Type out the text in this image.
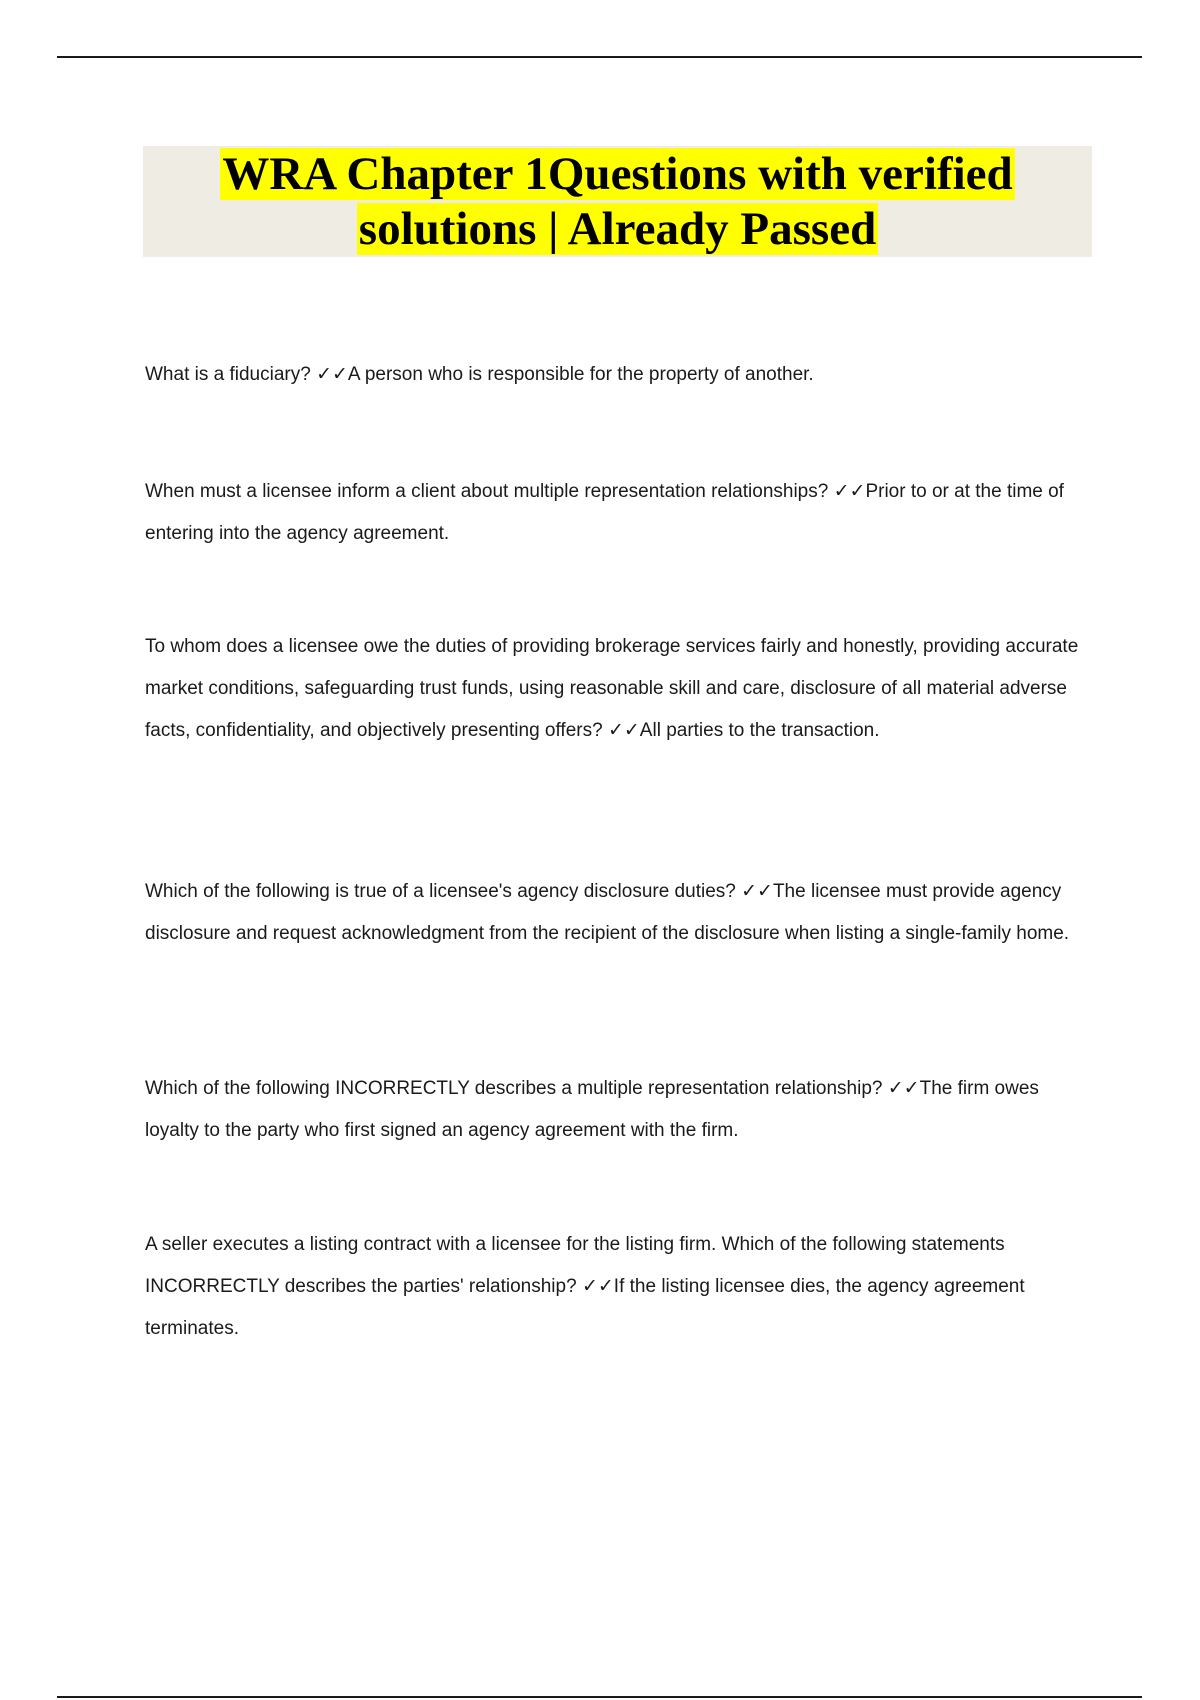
WRA Chapter 1Questions with verified solutions | Already Passed

What is a fiduciary? ✓✓A person who is responsible for the property of another.

When must a licensee inform a client about multiple representation relationships? ✓✓Prior to or at the time of entering into the agency agreement.

To whom does a licensee owe the duties of providing brokerage services fairly and honestly, providing accurate market conditions, safeguarding trust funds, using reasonable skill and care, disclosure of all material adverse facts, confidentiality, and objectively presenting offers? ✓✓All parties to the transaction.

Which of the following is true of a licensee's agency disclosure duties? ✓✓The licensee must provide agency disclosure and request acknowledgment from the recipient of the disclosure when listing a single-family home.

Which of the following INCORRECTLY describes a multiple representation relationship? ✓✓The firm owes loyalty to the party who first signed an agency agreement with the firm.

A seller executes a listing contract with a licensee for the listing firm. Which of the following statements INCORRECTLY describes the parties' relationship? ✓✓If the listing licensee dies, the agency agreement terminates.
